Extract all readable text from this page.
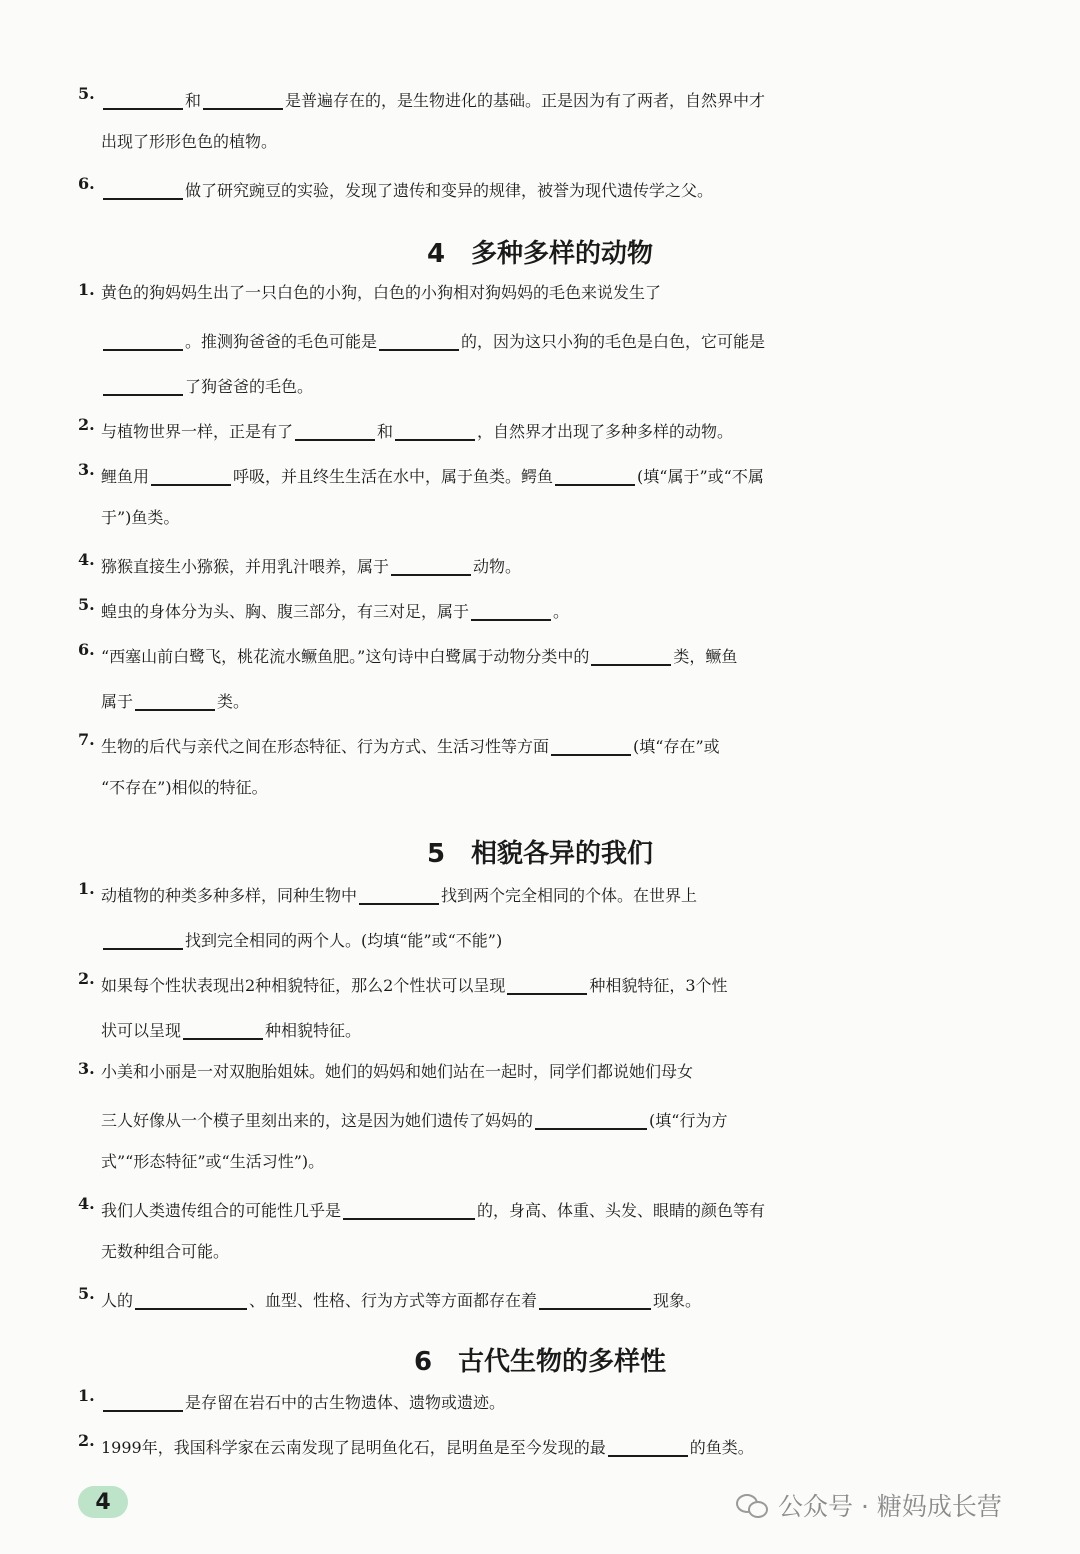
5.	和	是普遍存在的，是生物进化的基础。正是因为有了两者，自然界中才
出现了形形色色的植物。
6.	做了研究豌豆的实验，发现了遗传和变异的规律，被誉为现代遗传学之父。
4 多种多样的动物
1. 黄色的狗妈妈生出了一只白色的小狗，白色的小狗相对狗妈妈的毛色来说发生了
。推测狗爸爸的毛色可能是	的，因为这只小狗的毛色是白色，它可能是
了狗爸爸的毛色。
2. 与植物世界一样，正是有了	和	，自然界才出现了多种多样的动物。
3. 鲤鱼用	呼吸，并且终生生活在水中，属于鱼类。鳄鱼	(填“属于”或“不属
于”)鱼类。
4. 猕猴直接生小猕猴，并用乳汁喂养，属于	动物。
5. 蝗虫的身体分为头、胸、腹三部分，有三对足，属于	。
6. “西塞山前白鹭飞，桃花流水鳜鱼肥。”这句诗中白鹭属于动物分类中的	类，鳜鱼
属于	类。
7. 生物的后代与亲代之间在形态特征、行为方式、生活习性等方面	(填“存在”或
“不存在”)相似的特征。
5 相貌各异的我们
1. 动植物的种类多种多样，同种生物中	找到两个完全相同的个体。在世界上
找到完全相同的两个人。(均填“能”或“不能”)
2. 如果每个性状表现出2种相貌特征，那么2个性状可以呈现	种相貌特征，3个性
状可以呈现	种相貌特征。
3. 小美和小丽是一对双胞胎姐妹。她们的妈妈和她们站在一起时，同学们都说她们母女
三人好像从一个模子里刻出来的，这是因为她们遗传了妈妈的	(填“行为方
式”“形态特征”或“生活习性”)。
4. 我们人类遗传组合的可能性几乎是	的，身高、体重、头发、眼睛的颜色等有
无数种组合可能。
5. 人的	、血型、性格、行为方式等方面都存在着	现象。
6 古代生物的多样性
1.	是存留在岩石中的古生物遗体、遗物或遗迹。
2. 1999年，我国科学家在云南发现了昆明鱼化石，昆明鱼是至今发现的最	的鱼类。
4	公众号 · 糖妈成长营
